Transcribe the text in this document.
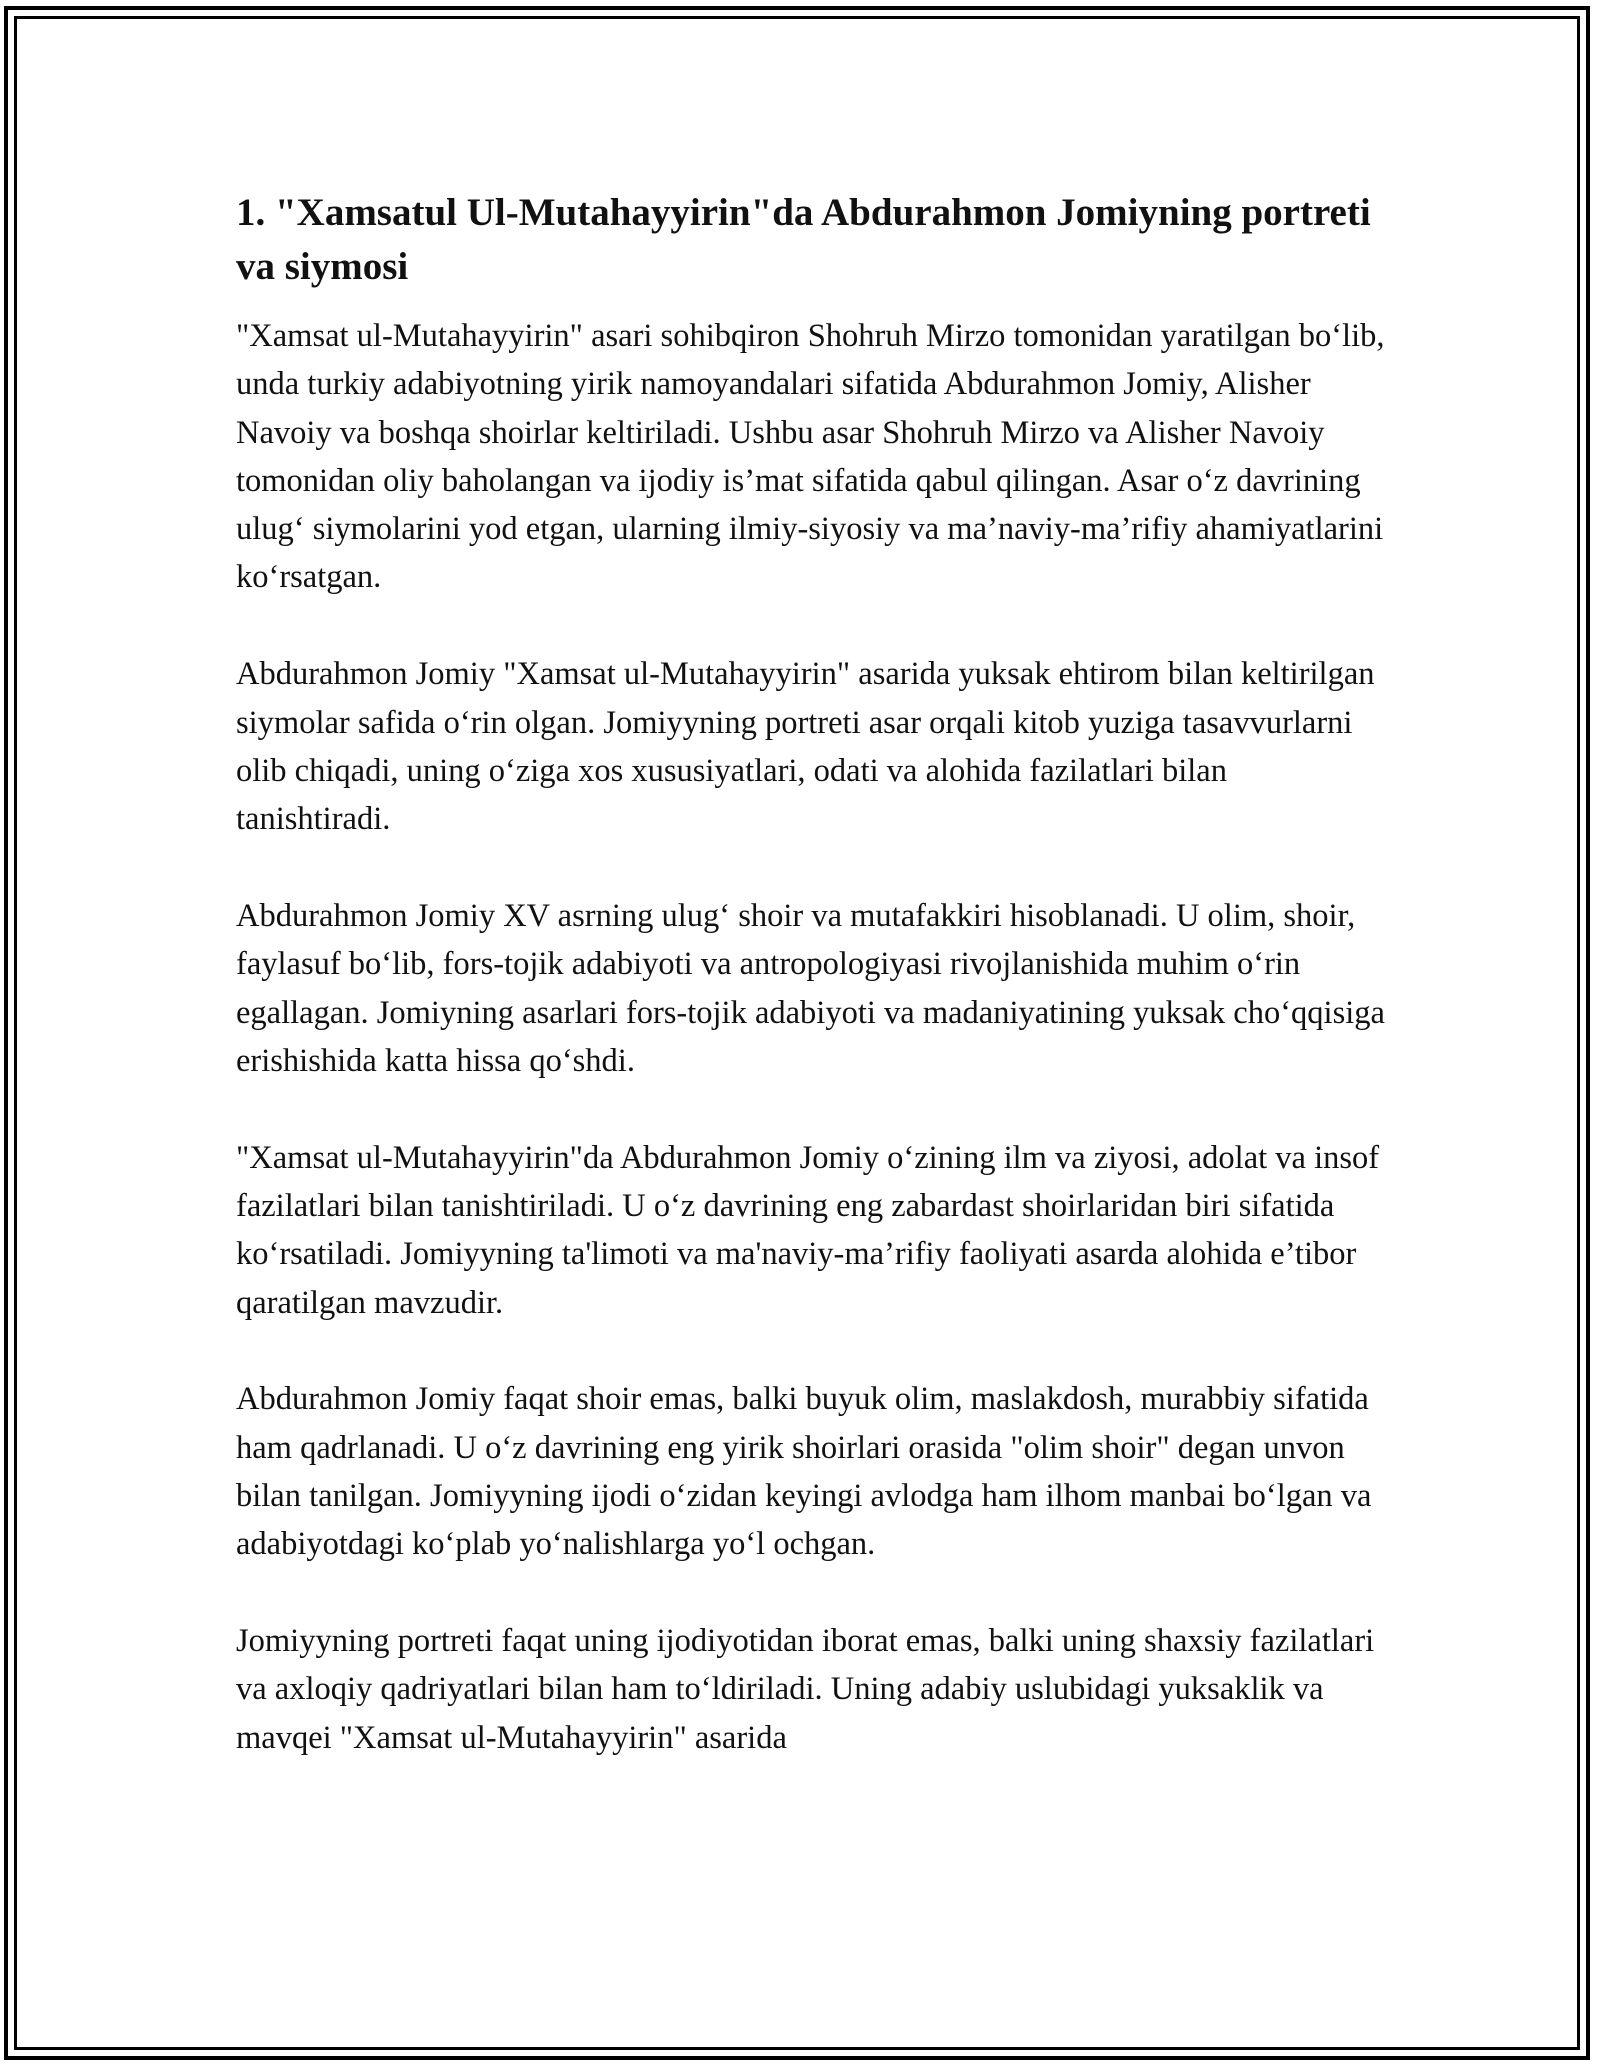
1. "Xamsatul Ul-Mutahayyirin"da Abdurahmon Jomiyning portreti va siymosi

"Xamsat ul-Mutahayyirin" asari sohibqiron Shohruh Mirzo tomonidan yaratilgan bo‘lib, unda turkiy adabiyotning yirik namoyandalari sifatida Abdurahmon Jomiy, Alisher Navoiy va boshqa shoirlar keltiriladi. Ushbu asar Shohruh Mirzo va Alisher Navoiy tomonidan oliy baholangan va ijodiy is’mat sifatida qabul qilingan. Asar o‘z davrining ulug‘ siymolarini yod etgan, ularning ilmiy-siyosiy va ma’naviy-ma’rifiy ahamiyatlarini ko‘rsatgan.

Abdurahmon Jomiy "Xamsat ul-Mutahayyirin" asarida yuksak ehtirom bilan keltirilgan siymolar safida o‘rin olgan. Jomiyyning portreti asar orqali kitob yuziga tasavvurlarni olib chiqadi, uning o‘ziga xos xususiyatlari, odati va alohida fazilatlari bilan tanishtiradi.

Abdurahmon Jomiy XV asrning ulug‘ shoir va mutafakkiri hisoblanadi. U olim, shoir, faylasuf bo‘lib, fors-tojik adabiyoti va antropologiyasi rivojlanishida muhim o‘rin egallagan. Jomiyning asarlari fors-tojik adabiyoti va madaniyatining yuksak cho‘qqisiga erishishida katta hissa qo‘shdi.

"Xamsat ul-Mutahayyirin"da Abdurahmon Jomiy o‘zining ilm va ziyosi, adolat va insof fazilatlari bilan tanishtiriladi. U o‘z davrining eng zabardast shoirlaridan biri sifatida ko‘rsatiladi. Jomiyyning ta'limoti va ma'naviy-ma’rifiy faoliyati asarda alohida e’tibor qaratilgan mavzudir.

Abdurahmon Jomiy faqat shoir emas, balki buyuk olim, maslakdosh, murabbiy sifatida ham qadrlanadi. U o‘z davrining eng yirik shoirlari orasida "olim shoir" degan unvon bilan tanilgan. Jomiyyning ijodi o‘zidan keyingi avlodga ham ilhom manbai bo‘lgan va adabiyotdagi ko‘plab yo‘nalishlarga yo‘l ochgan.

Jomiyyning portreti faqat uning ijodiyotidan iborat emas, balki uning shaxsiy fazilatlari va axloqiy qadriyatlari bilan ham to‘ldiriladi. Uning adabiy uslubidagi yuksaklik va mavqei "Xamsat ul-Mutahayyirin" asarida
